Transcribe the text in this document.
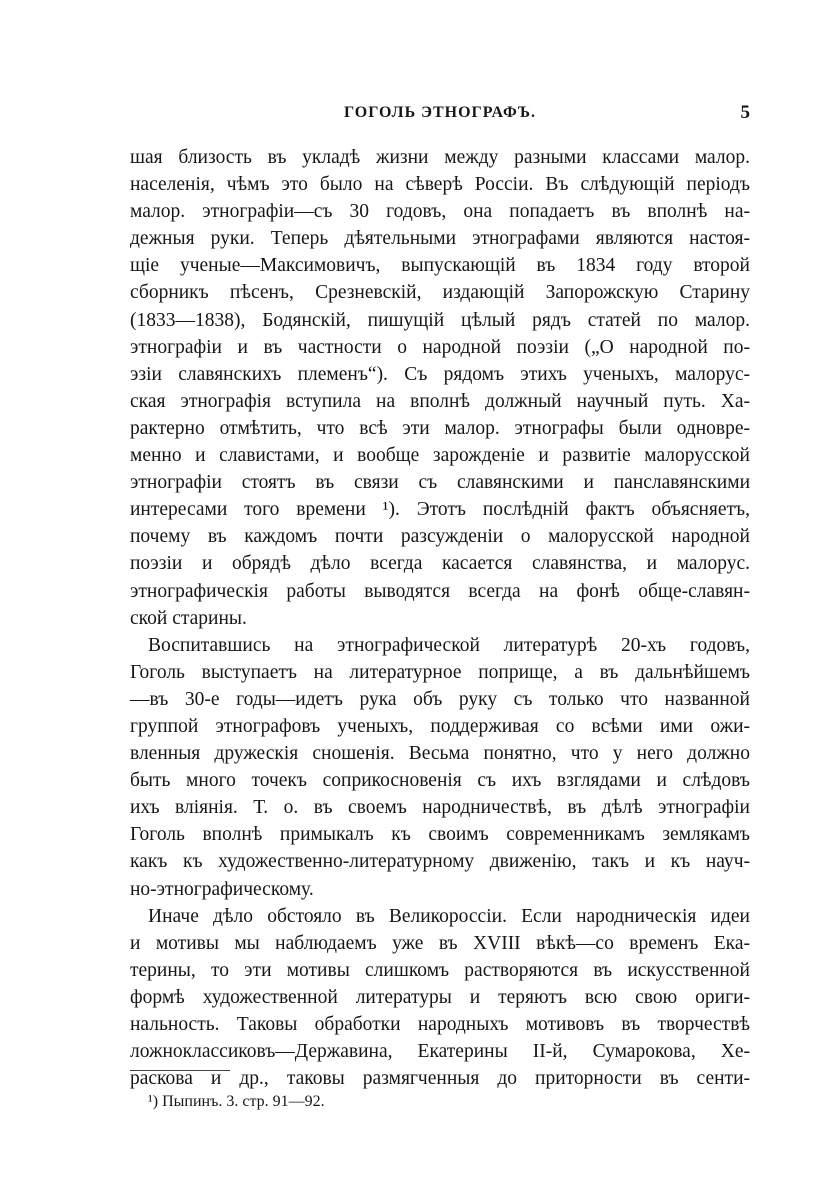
ГОГОЛЬ ЭТНОГРАФЪ.	5
шая близость въ укладѣ жизни между разными классами малор.
населенія, чѣмъ это было на сѣверѣ Россіи. Въ слѣдующій періодъ
малор. этнографіи—съ 30 годовъ, она попадаетъ въ вполнѣ на-
дежныя руки. Теперь дѣятельными этнографами являются настоя-
щіе ученые—Максимовичъ, выпускающій въ 1834 году второй
сборникъ пѣсенъ, Срезневскій, издающій Запорожскую Старину
(1833—1838), Бодянскій, пишущій цѣлый рядъ статей по малор.
этнографіи и въ частности о народной поэзіи („О народной по-
эзіи славянскихъ племенъ“). Съ рядомъ этихъ ученыхъ, малорус-
ская этнографія вступила на вполнѣ должный научный путь. Ха-
рактерно отмѣтить, что всѣ эти малор. этнографы были одновре-
менно и славистами, и вообще зарожденіе и развитіе малорусской
этнографіи стоятъ въ связи съ славянскими и панславянскими
интересами того времени ¹). Этотъ послѣдній фактъ объясняетъ,
почему въ каждомъ почти разсужденіи о малорусской народной
поэзіи и обрядѣ дѣло всегда касается славянства, и малорус.
этнографическія работы выводятся всегда на фонѣ обще-славян-
ской старины.
Воспитавшись на этнографической литературѣ 20-хъ годовъ,
Гоголь выступаетъ на литературное поприще, а въ дальнѣйшемъ
—въ 30-е годы—идетъ рука объ руку съ только что названной
группой этнографовъ ученыхъ, поддерживая со всѣми ими ожи-
вленныя дружескія сношенія. Весьма понятно, что у него должно
быть много точекъ соприкосновенія съ ихъ взглядами и слѣдовъ
ихъ вліянія. Т. о. въ своемъ народничествѣ, въ дѣлѣ этнографіи
Гоголь вполнѣ примыкалъ къ своимъ современникамъ землякамъ
какъ къ художественно-литературному движенію, такъ и къ науч-
но-этнографическому.
Иначе дѣло обстояло въ Великороссіи. Если народническія идеи
и мотивы мы наблюдаемъ уже въ XVIII вѣкѣ—со временъ Ека-
терины, то эти мотивы слишкомъ растворяются въ искусственной
формѣ художественной литературы и теряютъ всю свою ориги-
нальность. Таковы обработки народныхъ мотивовъ въ творчествѣ
ложноклассиковъ—Державина, Екатерины II-й, Сумарокова, Хе-
раскова и др., таковы размягченныя до приторности въ сенти-
¹) Пыпинъ. 3. стр. 91—92.
